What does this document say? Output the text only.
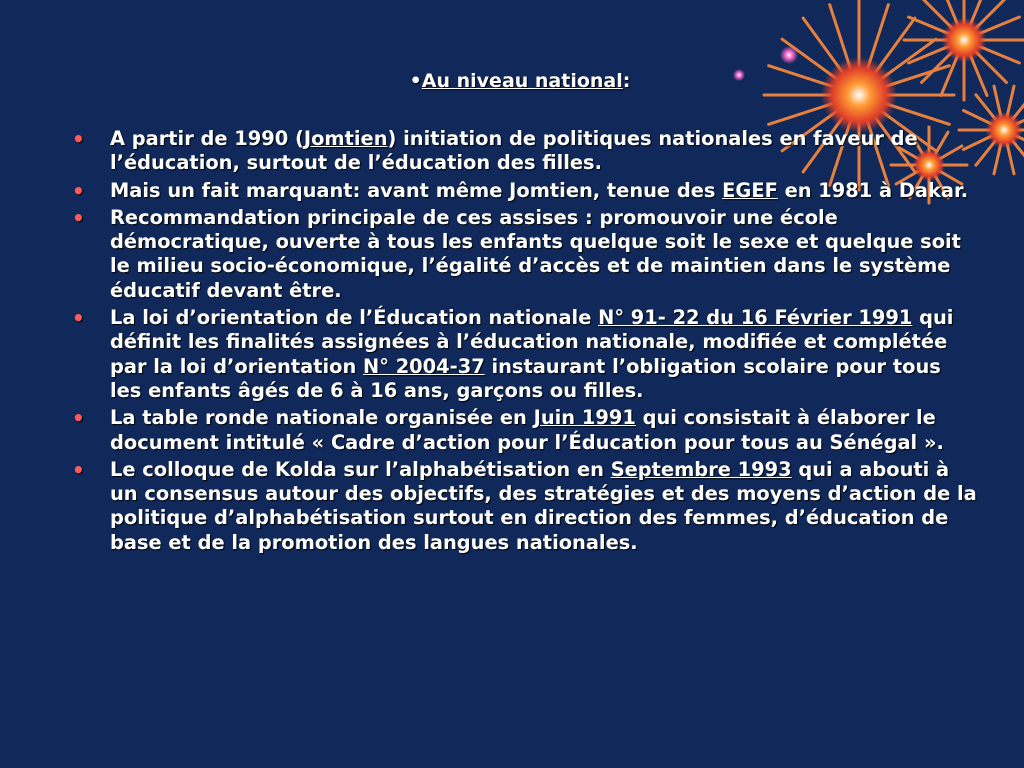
•Au niveau national:
• A partir de 1990 (Jomtien) initiation de politiques nationales en faveur de l’éducation, surtout de l’éducation des filles.
• Mais un fait marquant: avant même Jomtien, tenue des EGEF en 1981 à Dakar.
• Recommandation principale de ces assises : promouvoir une école démocratique, ouverte à tous les enfants quelque soit le sexe et quelque soit le milieu socio-économique, l’égalité d’accès et de maintien dans le système éducatif devant être.
• La loi d’orientation de l’Éducation nationale N° 91- 22 du 16 Février 1991 qui définit les finalités assignées à l’éducation nationale, modifiée et complétée par la loi d’orientation N° 2004-37 instaurant l’obligation scolaire pour tous les enfants âgés de 6 à 16 ans, garçons ou filles.
• La table ronde nationale organisée en Juin 1991 qui consistait à élaborer le document intitulé « Cadre d’action pour l’Éducation pour tous au Sénégal ».
• Le colloque de Kolda sur l’alphabétisation en Septembre 1993 qui a abouti à un consensus autour des objectifs, des stratégies et des moyens d’action de la politique d’alphabétisation surtout en direction des femmes, d’éducation de base et de la promotion des langues nationales.
